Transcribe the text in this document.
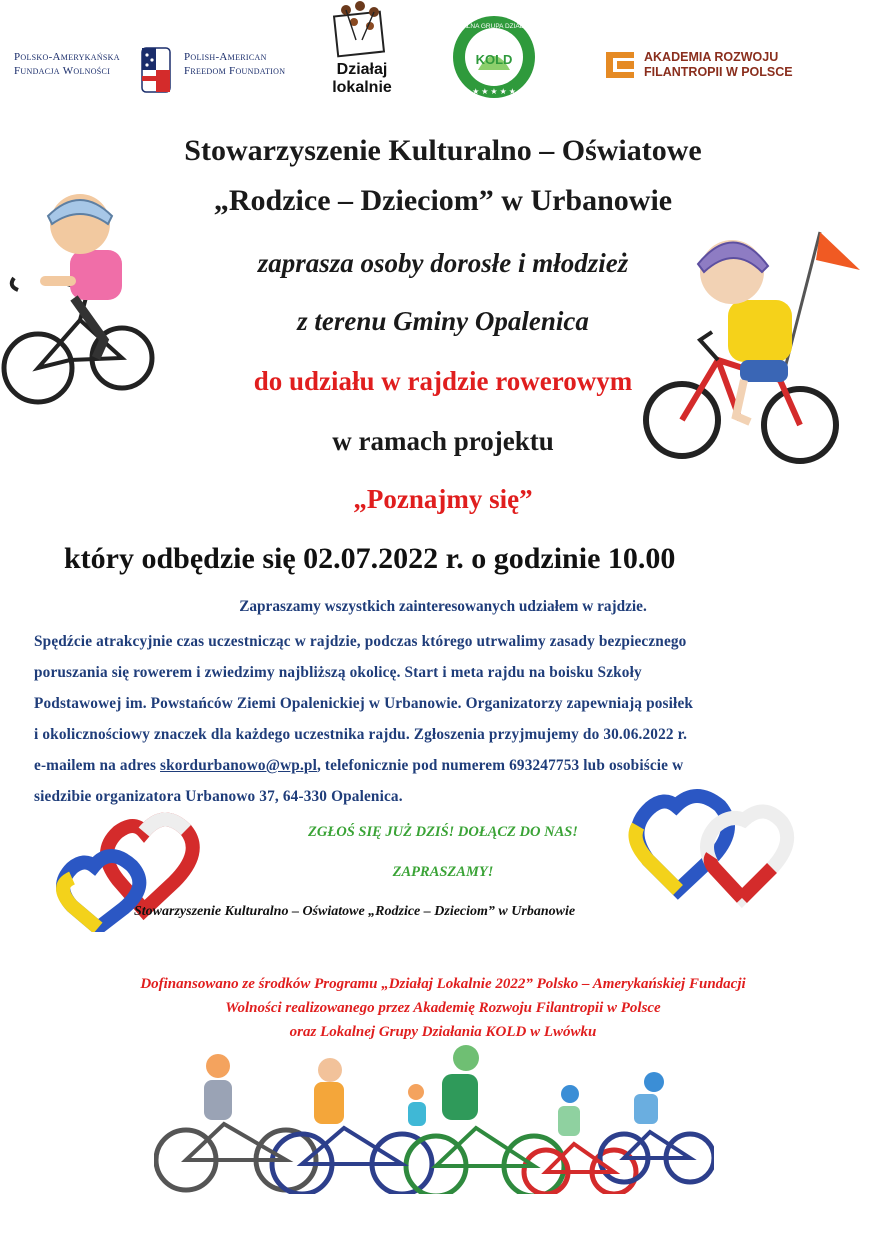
Polsko-Amerykańska
Fundacja Wolności
Polish-American
Freedom Foundation	Działaj
lokalnie
KOLD
LOKALNA GRUPA DZIAŁANIA
★ ★ ★ ★ ★
AKADEMIA ROZWOJU
FILANTROPII W POLSCE
Stowarzyszenie Kulturalno – Oświatowe
„Rodzice – Dzieciom” w Urbanowie
zaprasza osoby dorosłe i młodzież
z terenu Gminy Opalenica
do udziału w rajdzie rowerowym
w ramach projektu
„Poznajmy się”
który odbędzie się 02.07.2022 r. o godzinie 10.00
Zapraszamy wszystkich zainteresowanych udziałem w rajdzie.
Spędźcie atrakcyjnie czas uczestnicząc w rajdzie, podczas którego utrwalimy zasady bezpiecznego
poruszania się rowerem i zwiedzimy najbliższą okolicę. Start i meta rajdu na boisku Szkoły
Podstawowej im. Powstańców Ziemi Opalenickiej w Urbanowie. Organizatorzy zapewniają posiłek
i okolicznościowy znaczek dla każdego uczestnika rajdu. Zgłoszenia przyjmujemy do 30.06.2022 r.
e-mailem na adres skordurbanowo@wp.pl, telefonicznie pod numerem 693247753 lub osobiście w
siedzibie organizatora Urbanowo 37, 64-330 Opalenica.
ZGŁOŚ SIĘ JUŻ DZIŚ! DOŁĄCZ DO NAS!
ZAPRASZAMY!
Stowarzyszenie Kulturalno – Oświatowe „Rodzice – Dzieciom” w Urbanowie
Dofinansowano ze środków Programu „Działaj Lokalnie 2022” Polsko – Amerykańskiej Fundacji
Wolności realizowanego przez Akademię Rozwoju Filantropii w Polsce
oraz Lokalnej Grupy Działania KOLD w Lwówku
